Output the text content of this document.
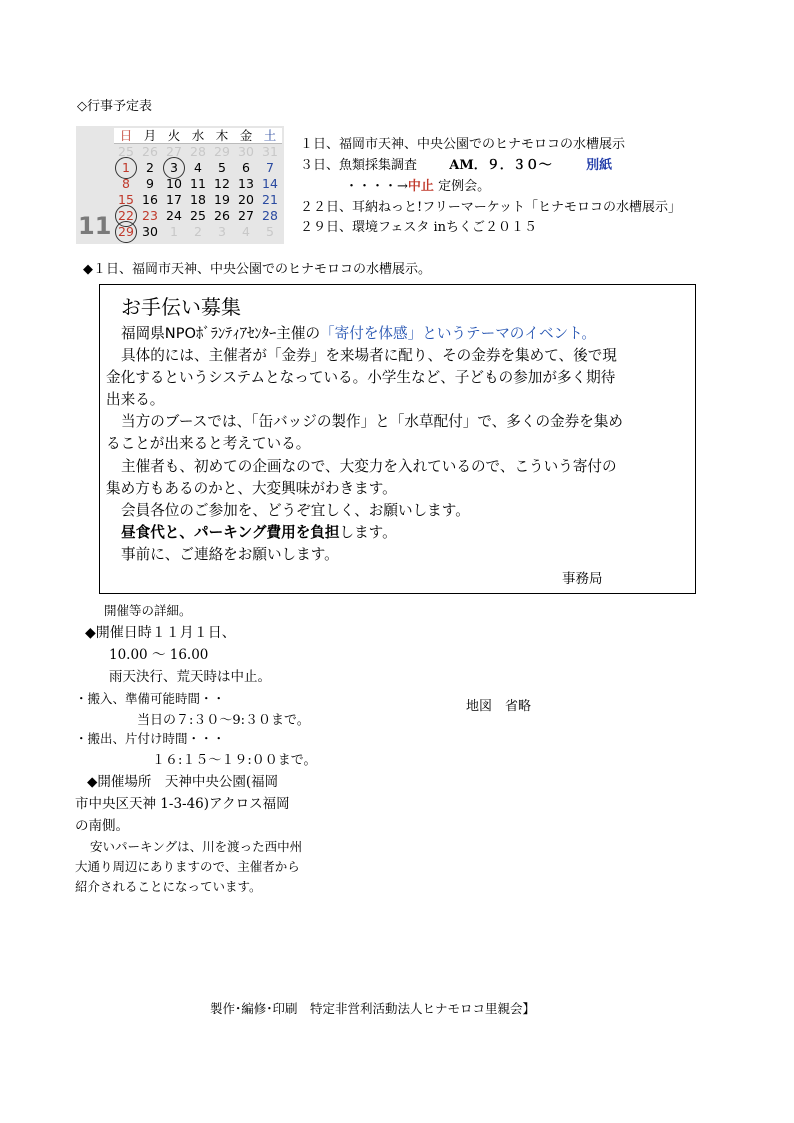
◇行事予定表
11
日 月 火 水 木 金 土
25 26 27 28 29 30 31
1	2	3	4	5	6	7
8	9 10 11 12 13 14
15 16 17 18 19 20 21
22 23 24 25 26 27 28
29 30 1	2	3	4	5
１日、福岡市天神、中央公園でのヒナモロコの水槽展示
３日、魚類採集調査 AM．９．３０～	別紙
・・・・→中止 定例会。
２２日、耳納ねっと!フリーマーケット「ヒナモロコの水槽展示」
２９日、環境フェスタ inちくご２０１５
◆１日、福岡市天神、中央公園でのヒナモロコの水槽展示。
お手伝い募集
福岡県NPOﾎﾞﾗﾝﾃｨｱｾﾝﾀｰ主催の「寄付を体感」というテーマのイベント。
具体的には、主催者が「金券」を来場者に配り、その金券を集めて、後で現
金化するというシステムとなっている。小学生など、子どもの参加が多く期待
出来る。
当方のブースでは、「缶バッジの製作」と「水草配付」で、多くの金券を集め
ることが出来ると考えている。
主催者も、初めての企画なので、大変力を入れているので、こういう寄付の
集め方もあるのかと、大変興味がわきます。
会員各位のご参加を、どうぞ宜しく、お願いします。
昼食代と、パーキング費用を負担します。
事前に、ご連絡をお願いします。
事務局
開催等の詳細。
◆開催日時１１月１日、
10.00 〜 16.00
雨天決行、荒天時は中止。
・搬入、準備可能時間・・
当日の７:３０～9:３０まで。
・搬出、片付け時間・・・
１６:１５～１９:００まで。
◆開催場所　天神中央公園(福岡
市中央区天神 1-3-46)アクロス福岡
の南側。
安いパーキングは、川を渡った西中州
大通り周辺にありますので、主催者から
紹介されることになっています。
地図　省略
製作･編修･印刷　特定非営利活動法人ヒナモロコ里親会】
